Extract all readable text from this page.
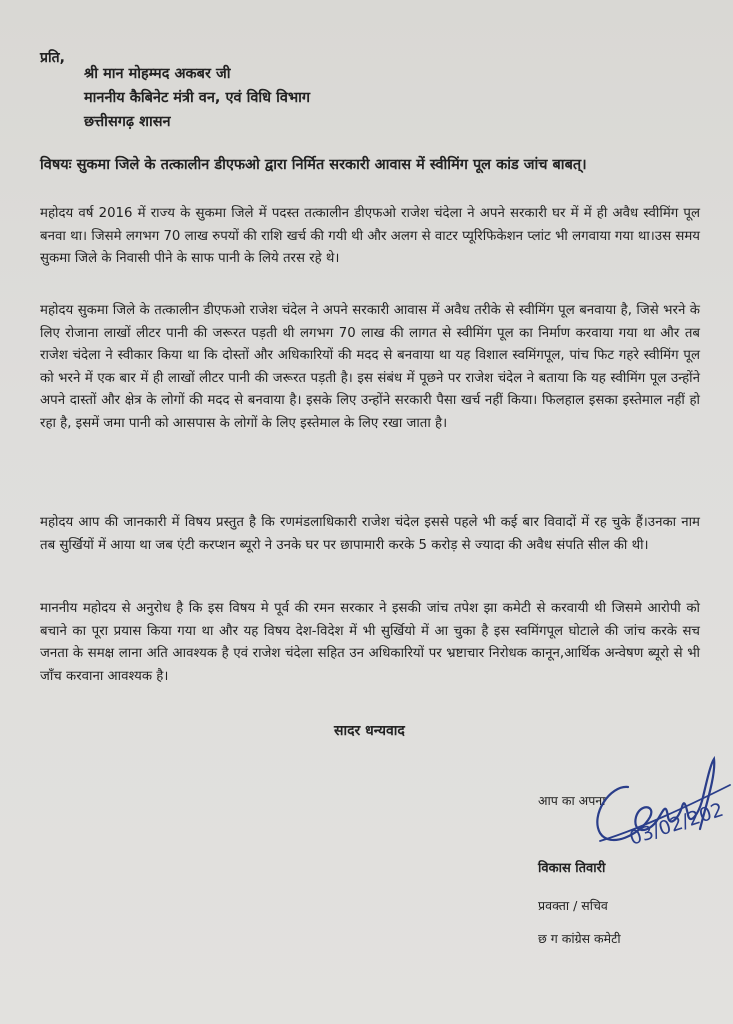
प्रति,
श्री मान मोहम्मद अकबर जी
माननीय कैबिनेट मंत्री वन, एवं विधि विभाग
छत्तीसगढ़ शासन
विषयः सुकमा जिले के तत्कालीन डीएफओ द्वारा निर्मित सरकारी आवास में स्वीमिंग पूल कांड जांच बाबत्।
महोदय वर्ष 2016 में राज्य के सुकमा जिले में पदस्त तत्कालीन डीएफओ राजेश चंदेला ने अपने सरकारी घर में में ही अवैध स्वीमिंग पूल बनवा था। जिसमे लगभग 70 लाख रुपयों की राशि खर्च की गयी थी और अलग से वाटर प्यूरिफिकेशन प्लांट भी लगवाया गया था।उस समय सुकमा जिले के निवासी पीने के साफ पानी के लिये तरस रहे थे।
महोदय सुकमा जिले के तत्कालीन डीएफओ राजेश चंदेल ने अपने सरकारी आवास में अवैध तरीके से स्वीमिंग पूल बनवाया है, जिसे भरने के लिए रोजाना लाखों लीटर पानी की जरूरत पड़ती थी लगभग 70 लाख की लागत से स्वीमिंग पूल का निर्माण करवाया गया था और तब राजेश चंदेला ने स्वीकार किया था कि दोस्तों और अधिकारियों की मदद से बनवाया था यह विशाल स्वमिंगपूल, पांच फिट गहरे स्वीमिंग पूल को भरने में एक बार में ही लाखों लीटर पानी की जरूरत पड़ती है। इस संबंध में पूछने पर राजेश चंदेल ने बताया कि यह स्वीमिंग पूल उन्होंने अपने दास्तों और क्षेत्र के लोगों की मदद से बनवाया है। इसके लिए उन्होंने सरकारी पैसा खर्च नहीं किया। फिलहाल इसका इस्तेमाल नहीं हो रहा है, इसमें जमा पानी को आसपास के लोगों के लिए इस्तेमाल के लिए रखा जाता है।
महोदय आप की जानकारी में विषय प्रस्तुत है कि रणमंडलाधिकारी राजेश चंदेल इससे पहले भी कई बार विवादों में रह चुके हैं।उनका नाम तब सुर्खियों में आया था जब एंटी करप्शन ब्यूरो ने उनके घर पर छापामारी करके 5 करोड़ से ज्यादा की अवैध संपति सील की थी।
माननीय महोदय से अनुरोध है कि इस विषय मे पूर्व की रमन सरकार ने इसकी जांच तपेश झा कमेटी से करवायी थी जिसमे आरोपी को बचाने का पूरा प्रयास किया गया था और यह विषय देश-विदेश में भी सुर्खियो में आ चुका है इस स्वमिंगपूल घोटाले की जांच करके सच जनता के समक्ष लाना अति आवश्यक है एवं राजेश चंदेला सहित उन अधिकारियों पर भ्रष्टाचार निरोधक कानून,आर्थिक अन्वेषण ब्यूरो से भी जाँच करवाना आवश्यक है।
सादर धन्यवाद
आप का अपना 03/02/202
विकास तिवारी
प्रवक्ता / सचिव
छ ग कांग्रेस कमेटी
